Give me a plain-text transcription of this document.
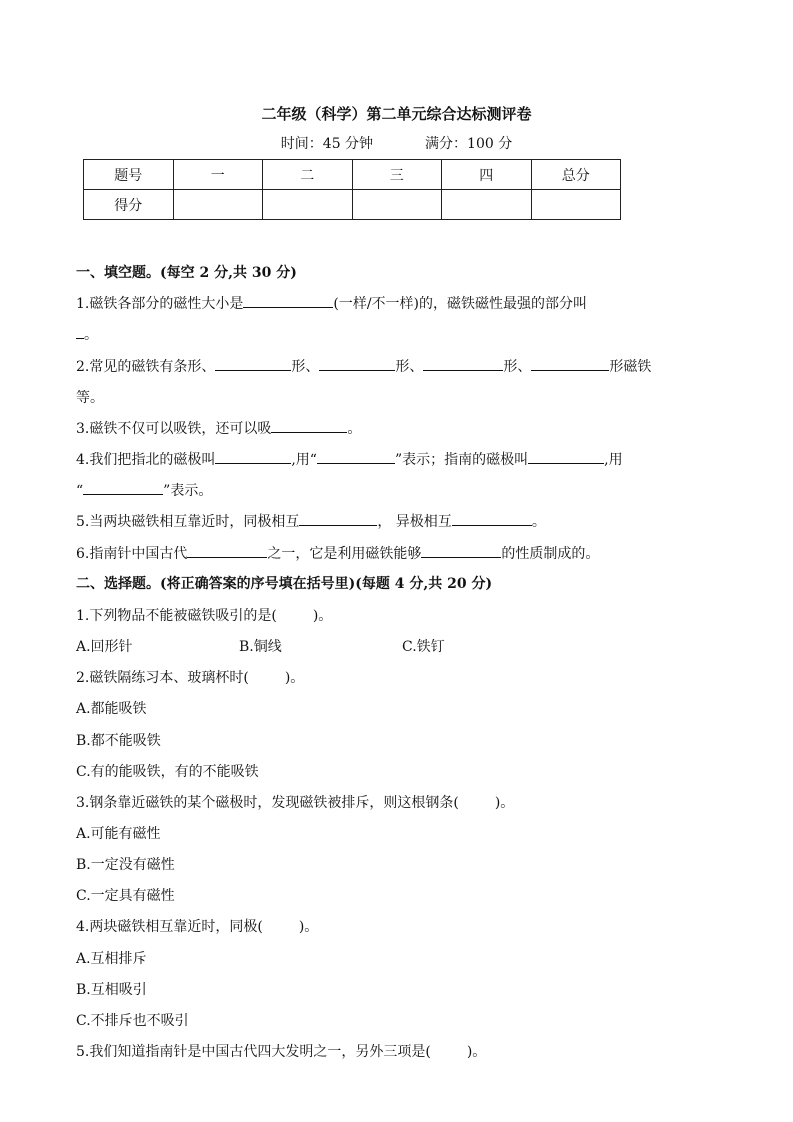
二年级（科学）第二单元综合达标测评卷
时间：45 分钟	满分：100 分
题号	一	二	三	四	总分
得分					
一、填空题。(每空 2 分,共 30 分)
1.磁铁各部分的磁性大小是	(一样/不一样)的，磁铁磁性最强的部分叫
。
2.常见的磁铁有条形、	形、	形、	形、	形磁铁
等。
3.磁铁不仅可以吸铁，还可以吸	。
4.我们把指北的磁极叫	,用“	”表示；指南的磁极叫	,用
“	”表示。
5.当两块磁铁相互靠近时，同极相互	， 异极相互	。
6.指南针中国古代	之一，它是利用磁铁能够	的性质制成的。
二、选择题。(将正确答案的序号填在括号里)(每题 4 分,共 20 分)
1.下列物品不能被磁铁吸引的是(	)。
A.回形针	B.铜线	C.铁钉
2.磁铁隔练习本、玻璃杯时(	)。
A.都能吸铁
B.都不能吸铁
C.有的能吸铁，有的不能吸铁
3.钢条靠近磁铁的某个磁极时，发现磁铁被排斥，则这根钢条(	)。
A.可能有磁性
B.一定没有磁性
C.一定具有磁性
4.两块磁铁相互靠近时，同极(	)。
A.互相排斥
B.互相吸引
C.不排斥也不吸引
5.我们知道指南针是中国古代四大发明之一，另外三项是(	)。
